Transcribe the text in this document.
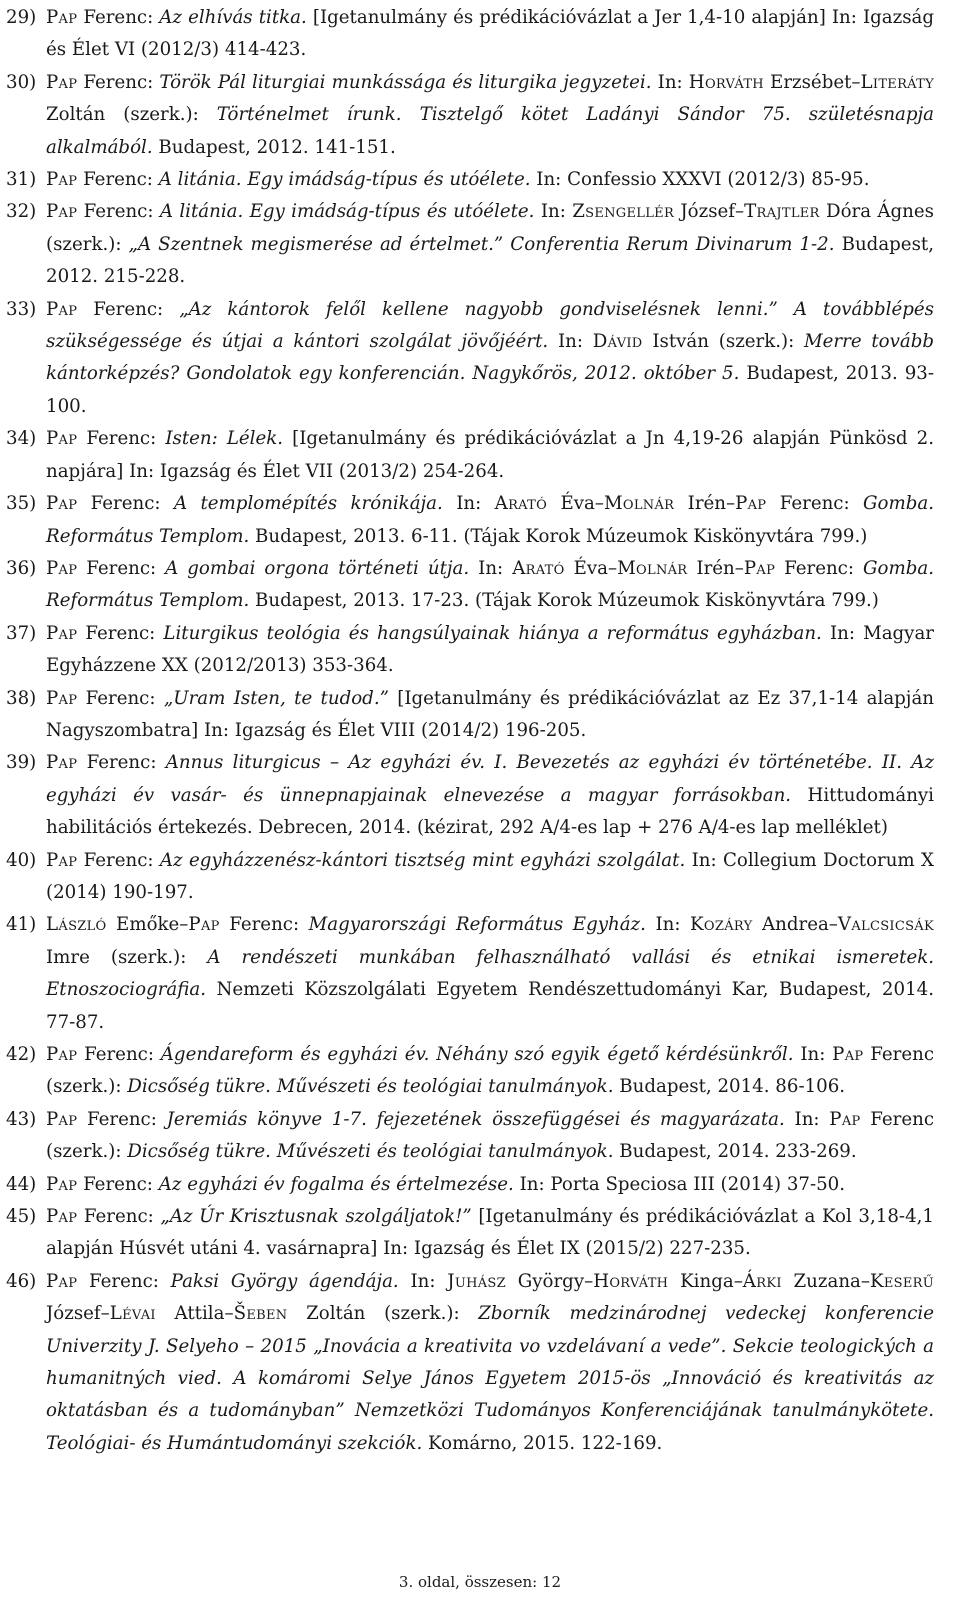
29) Pap Ferenc: Az elhívás titka. [Igetanulmány és prédikációvázlat a Jer 1,4-10 alapján] In: Igazság és Élet VI (2012/3) 414-423.
30) Pap Ferenc: Török Pál liturgiai munkássága és liturgika jegyzetei. In: Horváth Erzsébet–Literáty Zoltán (szerk.): Történelmet írunk. Tisztelgő kötet Ladányi Sándor 75. születésnapja alkalmából. Budapest, 2012. 141-151.
31) Pap Ferenc: A litánia. Egy imádság-típus és utóélete. In: Confessio XXXVI (2012/3) 85-95.
32) Pap Ferenc: A litánia. Egy imádság-típus és utóélete. In: Zsengellér József–Trajtler Dóra Ágnes (szerk.): „A Szentnek megismerése ad értelmet.” Conferentia Rerum Divinarum 1-2. Budapest, 2012. 215-228.
33) Pap Ferenc: „Az kántorok felől kellene nagyobb gondviselésnek lenni.” A továbblépés szükségessége és útjai a kántori szolgálat jövőjéért. In: Dávid István (szerk.): Merre tovább kántorképzés? Gondolatok egy konferencián. Nagykőrös, 2012. október 5. Budapest, 2013. 93-100.
34) Pap Ferenc: Isten: Lélek. [Igetanulmány és prédikációvázlat a Jn 4,19-26 alapján Pünkösd 2. napjára] In: Igazság és Élet VII (2013/2) 254-264.
35) Pap Ferenc: A templomépítés krónikája. In: Arató Éva–Molnár Irén–Pap Ferenc: Gomba. Református Templom. Budapest, 2013. 6-11. (Tájak Korok Múzeumok Kiskönyvtára 799.)
36) Pap Ferenc: A gombai orgona történeti útja. In: Arató Éva–Molnár Irén–Pap Ferenc: Gomba. Református Templom. Budapest, 2013. 17-23. (Tájak Korok Múzeumok Kiskönyvtára 799.)
37) Pap Ferenc: Liturgikus teológia és hangsúlyainak hiánya a református egyházban. In: Magyar Egyházzene XX (2012/2013) 353-364.
38) Pap Ferenc: „Uram Isten, te tudod.” [Igetanulmány és prédikációvázlat az Ez 37,1-14 alapján Nagyszombatra] In: Igazság és Élet VIII (2014/2) 196-205.
39) Pap Ferenc: Annus liturgicus – Az egyházi év. I. Bevezetés az egyházi év történetébe. II. Az egyházi év vasár- és ünnepnapjainak elnevezése a magyar forrásokban. Hittudományi habilitációs értekezés. Debrecen, 2014. (kézirat, 292 A/4-es lap + 276 A/4-es lap melléklet)
40) Pap Ferenc: Az egyházzenész-kántori tisztség mint egyházi szolgálat. In: Collegium Doctorum X (2014) 190-197.
41) László Emőke–Pap Ferenc: Magyarországi Református Egyház. In: Kozáry Andrea–Valcsicsák Imre (szerk.): A rendészeti munkában felhasználható vallási és etnikai ismeretek. Etnoszociográfia. Nemzeti Közszolgálati Egyetem Rendészettudományi Kar, Budapest, 2014. 77-87.
42) Pap Ferenc: Ágendareform és egyházi év. Néhány szó egyik égető kérdésünkről. In: Pap Ferenc (szerk.): Dicsőség tükre. Művészeti és teológiai tanulmányok. Budapest, 2014. 86-106.
43) Pap Ferenc: Jeremiás könyve 1-7. fejezetének összefüggései és magyarázata. In: Pap Ferenc (szerk.): Dicsőség tükre. Művészeti és teológiai tanulmányok. Budapest, 2014. 233-269.
44) Pap Ferenc: Az egyházi év fogalma és értelmezése. In: Porta Speciosa III (2014) 37-50.
45) Pap Ferenc: „Az Úr Krisztusnak szolgáljatok!” [Igetanulmány és prédikációvázlat a Kol 3,18-4,1 alapján Húsvét utáni 4. vasárnapra] In: Igazság és Élet IX (2015/2) 227-235.
46) Pap Ferenc: Paksi György ágendája. In: Juhász György–Horváth Kinga–Árki Zuzana–Keserű József–Lévai Attila–Šeben Zoltán (szerk.): Zborník medzinárodnej vedeckej konferencie Univerzity J. Selyeho – 2015 „Inovácia a kreativita vo vzdelávaní a vede”. Sekcie teologických a humanitných vied. A komáromi Selye János Egyetem 2015-ös „Innováció és kreativitás az oktatásban és a tudományban” Nemzetközi Tudományos Konferenciájának tanulmánykötete. Teológiai- és Humántudományi szekciók. Komárno, 2015. 122-169.
3. oldal, összesen: 12
